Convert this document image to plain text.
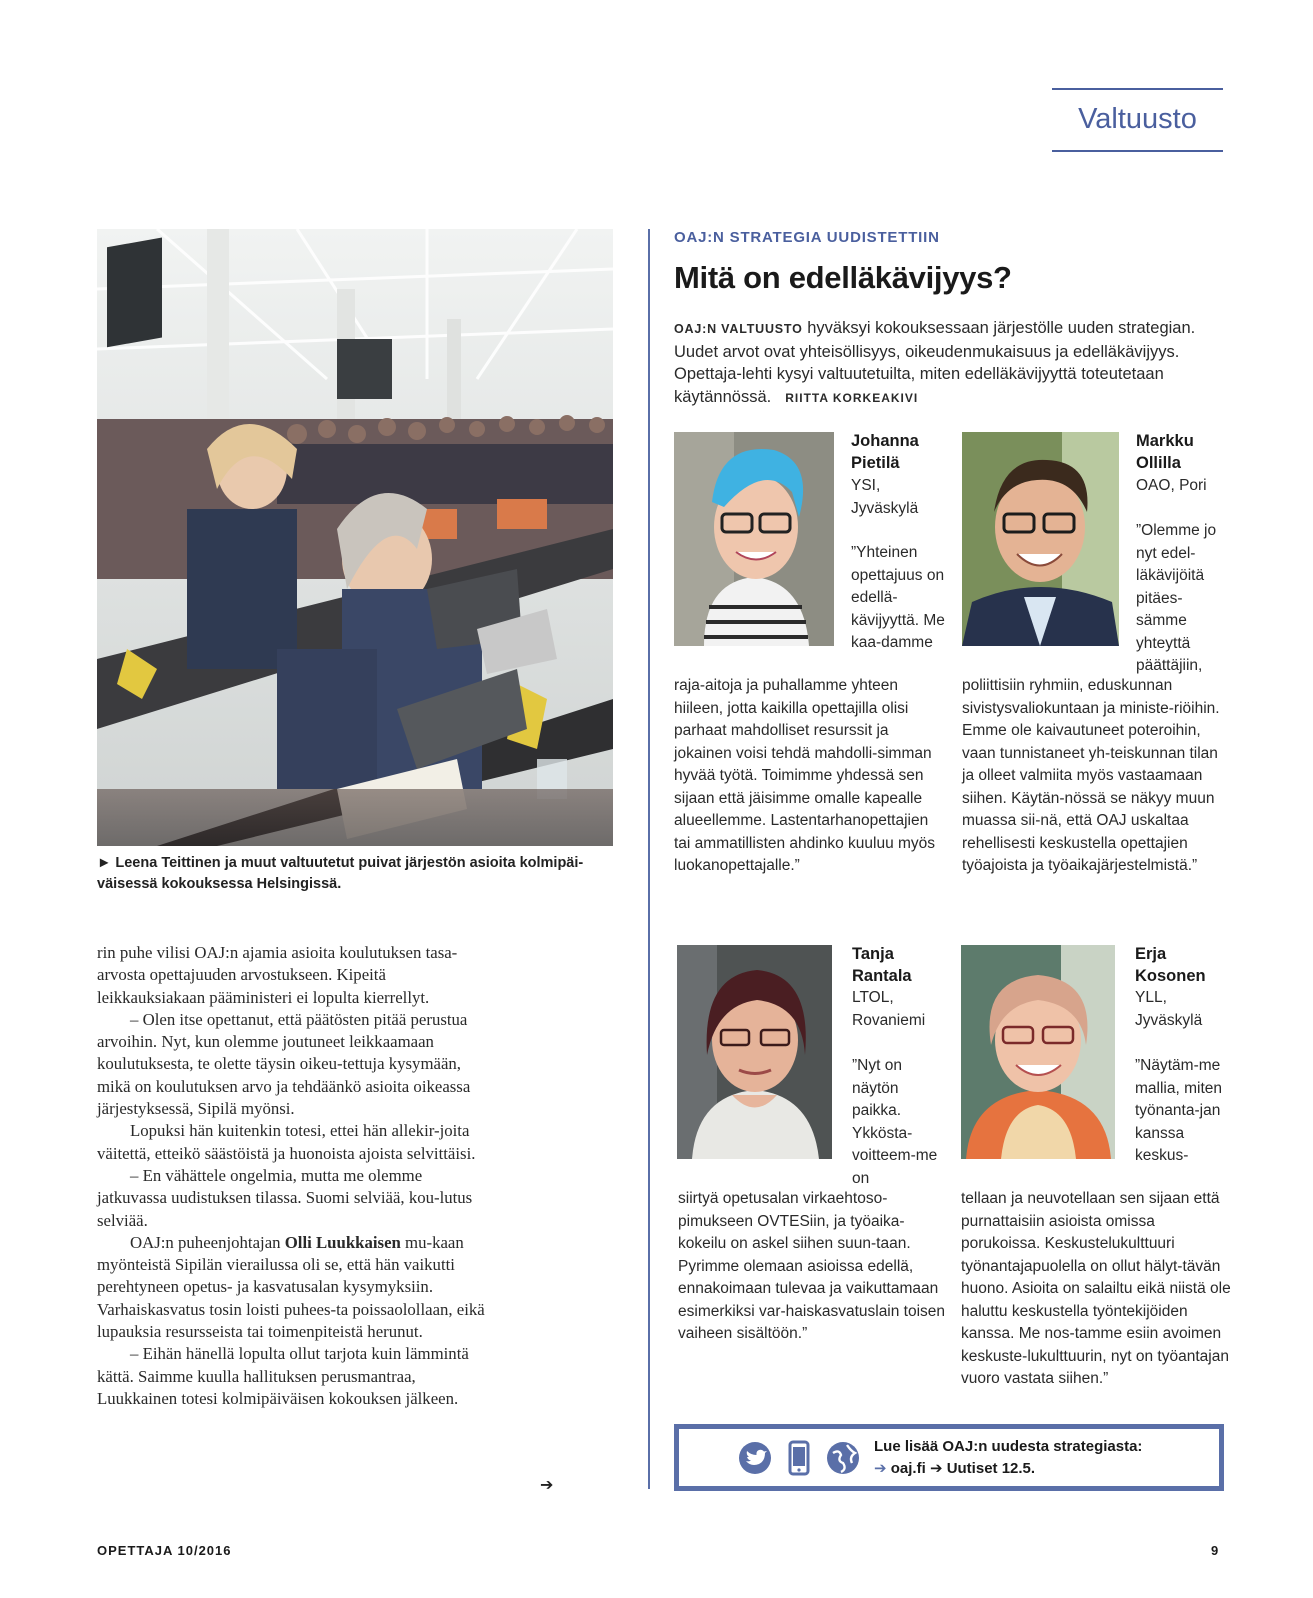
Valtuusto
► Leena Teittinen ja muut valtuutetut puivat järjestön asioita kolmipäi-väisessä kokouksessa Helsingissä.
OAJ:N STRATEGIA UUDISTETTIIN
Mitä on edelläkävijyys?
OAJ:N VALTUUSTO hyväksyi kokouksessaan järjestölle uuden strategian. Uudet arvot ovat yhteisöllisyys, oikeudenmukaisuus ja edelläkävijyys. Opettaja-lehti kysyi valtuutetuilta, miten edelläkävijyyttä toteutetaan käytännössä. RIITTA KORKEAKIVI
Johanna
Pietilä
YSI,
Jyväskylä
”Yhteinen opettajuus on edellä-kävijyyttä. Me kaa-damme
raja-aitoja ja puhallamme yhteen hiileen, jotta kaikilla opettajilla olisi parhaat mahdolliset resurssit ja jokainen voisi tehdä mahdolli-simman hyvää työtä. Toimimme yhdessä sen sijaan että jäisimme omalle kapealle alueellemme. Lastentarhanopettajien tai ammatillisten ahdinko kuuluu myös luokanopettajalle.”
Markku
Ollilla
OAO, Pori
”Olemme jo nyt edel-läkävijöitä pitäes-sämme yhteyttä päättäjiin,
poliittisiin ryhmiin, eduskunnan sivistysvaliokuntaan ja ministe-riöihin. Emme ole kaivautuneet poteroihin, vaan tunnistaneet yh-teiskunnan tilan ja olleet valmiita myös vastaamaan siihen. Käytän-nössä se näkyy muun muassa sii-nä, että OAJ uskaltaa rehellisesti keskustella opettajien työajoista ja työaikajärjestelmistä.”
Tanja
Rantala
LTOL,
Rovaniemi
”Nyt on näytön paikka. Ykkösta-voitteem-me on
siirtyä opetusalan virkaehtoso-pimukseen OVTESiin, ja työaika-kokeilu on askel siihen suun-taan. Pyrimme olemaan asioissa edellä, ennakoimaan tulevaa ja vaikuttamaan esimerkiksi var-haiskasvatuslain toisen vaiheen sisältöön.”
Erja
Kosonen
YLL,
Jyväskylä
”Näytäm-me mallia, miten työnanta-jan kanssa keskus-
tellaan ja neuvotellaan sen sijaan että purnattaisiin asioista omissa porukoissa. Keskustelukulttuuri työnantajapuolella on ollut hälyt-tävän huono. Asioita on salailtu eikä niistä ole haluttu keskustella työntekijöiden kanssa. Me nos-tamme esiin avoimen keskuste-lukulttuurin, nyt on työantajan vuoro vastata siihen.”

rin puhe vilisi OAJ:n ajamia asioita koulutuksen tasa-arvosta opettajuuden arvostukseen. Kipeitä leikkauksiakaan pääministeri ei lopulta kierrellyt.

– Olen itse opettanut, että päätösten pitää perustua arvoihin. Nyt, kun olemme joutuneet leikkaamaan koulutuksesta, te olette täysin oikeu-tettuja kysymään, mikä on koulutuksen arvo ja tehdäänkö asioita oikeassa järjestyksessä, Sipilä myönsi.

Lopuksi hän kuitenkin totesi, ettei hän allekir-joita väitettä, etteikö säästöistä ja huonoista ajoista selvittäisi.

– En vähättele ongelmia, mutta me olemme jatkuvassa uudistuksen tilassa. Suomi selviää, kou-lutus selviää.

OAJ:n puheenjohtajan Olli Luukkaisen mu-kaan myönteistä Sipilän vierailussa oli se, että hän vaikutti perehtyneen opetus- ja kasvatusalan kysymyksiin. Varhaiskasvatus tosin loisti puhees-ta poissaolollaan, eikä lupauksia resursseista tai toimenpiteistä herunut.

– Eihän hänellä lopulta ollut tarjota kuin lämmintä kättä. Saimme kuulla hallituksen perusmantraa, Luukkainen totesi kolmipäiväisen kokouksen jälkeen.

➔
Lue lisää OAJ:n uudesta strategiasta:
➔ oaj.fi ➔ Uutiset 12.5.
OPETTAJA 10/2016	9
